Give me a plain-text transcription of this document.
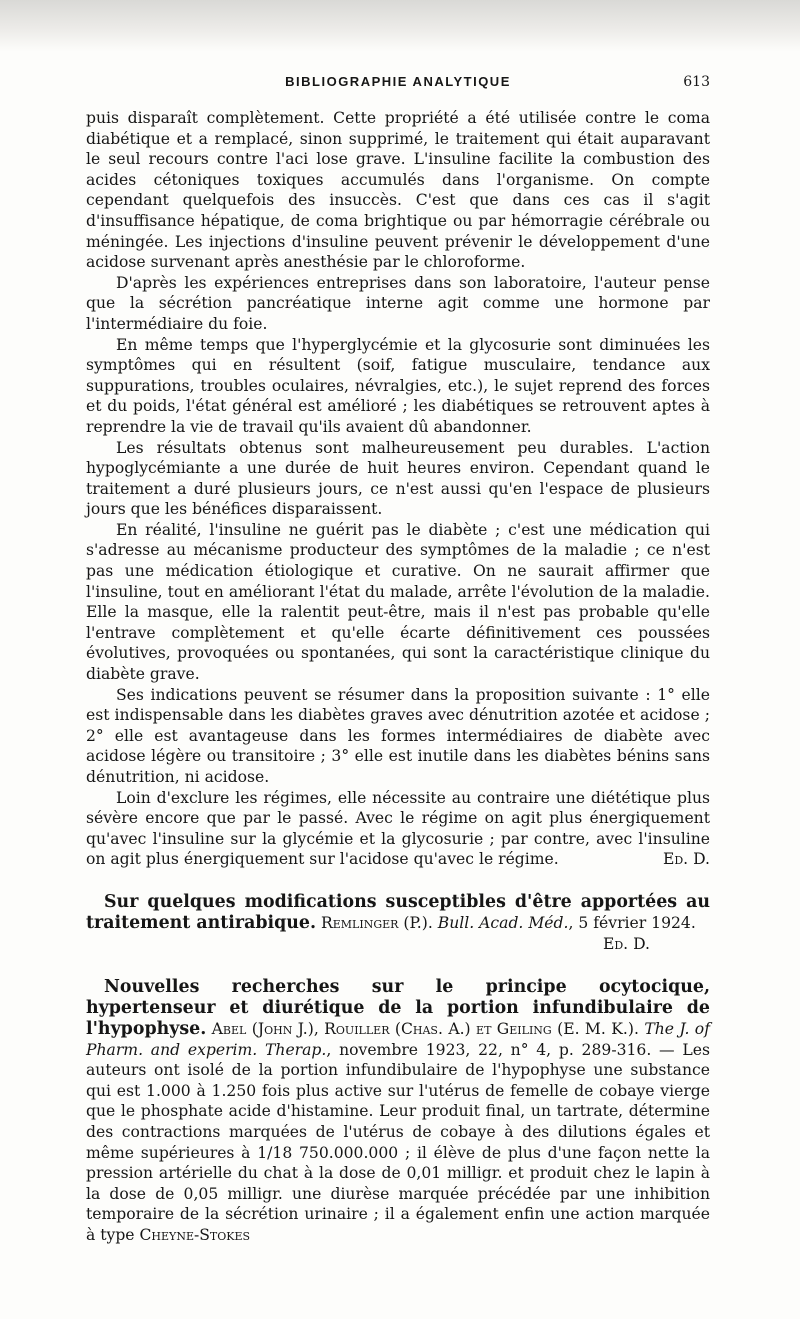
BIBLIOGRAPHIE ANALYTIQUE	613

puis disparaît complètement. Cette propriété a été utilisée contre le coma diabétique et a remplacé, sinon supprimé, le traitement qui était auparavant le seul recours contre l'aci lose grave. L'insuline facilite la combustion des acides cétoniques toxiques accumulés dans l'organisme. On compte cependant quelquefois des insuccès. C'est que dans ces cas il s'agit d'insuffisance hépatique, de coma brightique ou par hémorragie cérébrale ou méningée. Les injections d'insuline peuvent prévenir le développement d'une acidose survenant après anesthésie par le chloroforme.

D'après les expériences entreprises dans son laboratoire, l'auteur pense que la sécrétion pancréatique interne agit comme une hormone par l'intermédiaire du foie.

En même temps que l'hyperglycémie et la glycosurie sont diminuées les symptômes qui en résultent (soif, fatigue musculaire, tendance aux suppurations, troubles oculaires, névralgies, etc.), le sujet reprend des forces et du poids, l'état général est amélioré ; les diabétiques se retrouvent aptes à reprendre la vie de travail qu'ils avaient dû abandonner.

Les résultats obtenus sont malheureusement peu durables. L'action hypoglycémiante a une durée de huit heures environ. Cependant quand le traitement a duré plusieurs jours, ce n'est aussi qu'en l'espace de plusieurs jours que les bénéfices disparaissent.

En réalité, l'insuline ne guérit pas le diabète ; c'est une médication qui s'adresse au mécanisme producteur des symptômes de la maladie ; ce n'est pas une médication étiologique et curative. On ne saurait affirmer que l'insuline, tout en améliorant l'état du malade, arrête l'évolution de la maladie. Elle la masque, elle la ralentit peut-être, mais il n'est pas probable qu'elle l'entrave complètement et qu'elle écarte définitivement ces poussées évolutives, provoquées ou spontanées, qui sont la caractéristique clinique du diabète grave.

Ses indications peuvent se résumer dans la proposition suivante : 1° elle est indispensable dans les diabètes graves avec dénutrition azotée et acidose ; 2° elle est avantageuse dans les formes intermédiaires de diabète avec acidose légère ou transitoire ; 3° elle est inutile dans les diabètes bénins sans dénutrition, ni acidose.

Loin d'exclure les régimes, elle nécessite au contraire une diététique plus sévère encore que par le passé. Avec le régime on agit plus énergiquement qu'avec l'insuline sur la glycémie et la glycosurie ; par contre, avec l'insuline on agit plus énergiquement sur l'acidose qu'avec le régime.	Ed. D.

Sur quelques modifications susceptibles d'être apportées au traitement antirabique. Remlinger (P.). Bull. Acad. Méd., 5 février 1924.
Ed. D.
Nouvelles recherches sur le principe ocytocique, hypertenseur et diurétique de la portion infundibulaire de l'hypophyse. Abel (John J.), Rouiller (Chas. A.) et Geiling (E. M. K.). The J. of Pharm. and experim. Therap., novembre 1923, 22, n° 4, p. 289-316. — Les auteurs ont isolé de la portion infundibulaire de l'hypophyse une substance qui est 1.000 à 1.250 fois plus active sur l'utérus de femelle de cobaye vierge que le phosphate acide d'histamine. Leur produit final, un tartrate, détermine des contractions marquées de l'utérus de cobaye à des dilutions égales et même supérieures à 1/18 750.000.000 ; il élève de plus d'une façon nette la pression artérielle du chat à la dose de 0,01 milligr. et produit chez le lapin à la dose de 0,05 milligr. une diurèse marquée précédée par une inhibition temporaire de la sécrétion urinaire ; il a également enfin une action marquée à type Cheyne-Stokes
